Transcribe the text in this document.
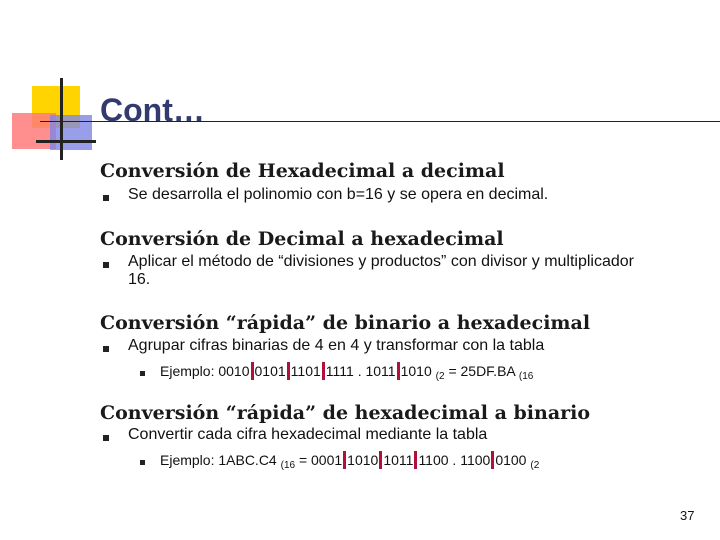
Cont…
Conversión de Hexadecimal a decimal
Se desarrolla el polinomio con b=16 y se opera en decimal.
Conversión de Decimal a hexadecimal
Aplicar el método de “divisiones y productos” con divisor y multiplicador
16.
Conversión “rápida” de binario a hexadecimal
Agrupar cifras binarias de 4 en 4 y transformar con la tabla
Ejemplo: 0010 0101 1101 1111 . 1011 1010 $_{(2}$ = 25DF.BA $_{(16}$
Conversión “rápida” de hexadecimal a binario
Convertir cada cifra hexadecimal mediante la tabla
Ejemplo: 1ABC.C4 $_{(16}$ = 0001 1010 1011 1100 . 1100 0100 $_{(2}$
37
